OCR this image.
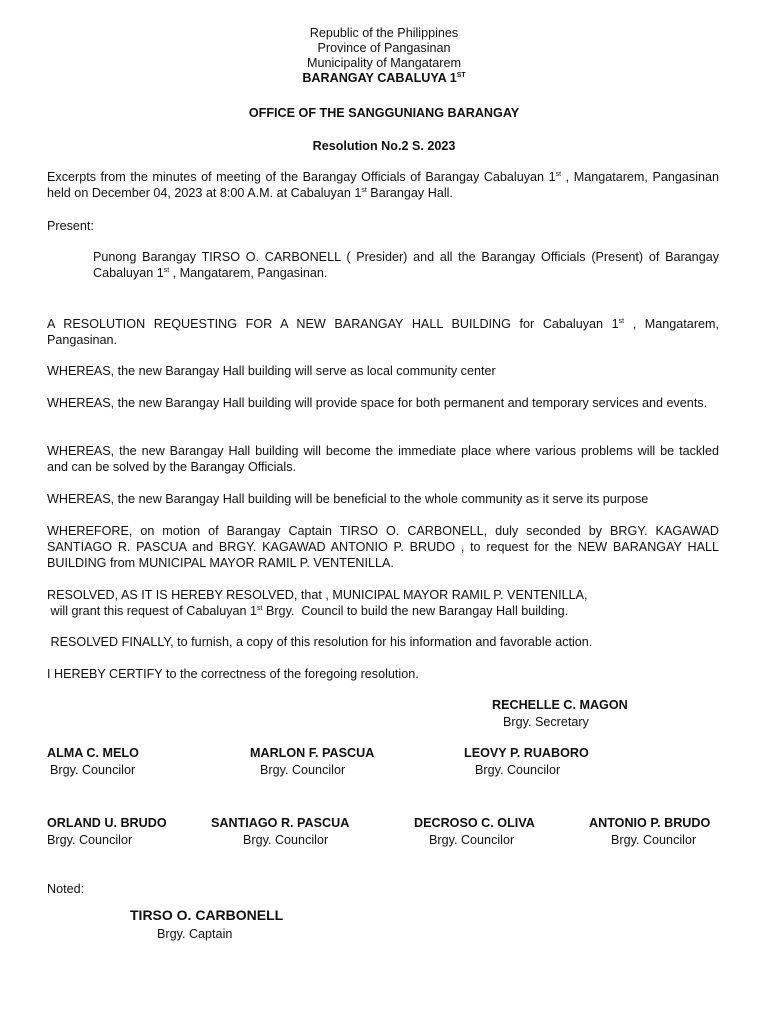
Republic of the Philippines
Province of Pangasinan
Municipality of Mangatarem
BARANGAY CABALUYA 1ST
OFFICE OF THE SANGGUNIANG BARANGAY
Resolution No.2 S. 2023
Excerpts from the minutes of meeting of the Barangay Officials of Barangay Cabaluyan 1st , Mangatarem, Pangasinan held on December 04, 2023 at 8:00 A.M. at Cabaluyan 1st Barangay Hall.
Present:
Punong Barangay TIRSO O. CARBONELL ( Presider) and all the Barangay Officials (Present) of Barangay Cabaluyan 1st , Mangatarem, Pangasinan.
A RESOLUTION REQUESTING FOR A NEW BARANGAY HALL BUILDING for Cabaluyan 1st , Mangatarem, Pangasinan.
WHEREAS, the new Barangay Hall building will serve as local community center
WHEREAS, the new Barangay Hall building will provide space for both permanent and temporary services and events.
WHEREAS, the new Barangay Hall building will become the immediate place where various problems will be tackled and can be solved by the Barangay Officials.
WHEREAS, the new Barangay Hall building will be beneficial to the whole community as it serve its purpose
WHEREFORE, on motion of Barangay Captain TIRSO O. CARBONELL, duly seconded by BRGY. KAGAWAD SANTIAGO R. PASCUA and BRGY. KAGAWAD ANTONIO P. BRUDO , to request for the NEW BARANGAY HALL BUILDING from MUNICIPAL MAYOR RAMIL P. VENTENILLA.
RESOLVED, AS IT IS HEREBY RESOLVED, that , MUNICIPAL MAYOR RAMIL P. VENTENILLA,
will grant this request of Cabaluyan 1st Brgy.  Council to build the new Barangay Hall building.
RESOLVED FINALLY, to furnish, a copy of this resolution for his information and favorable action.
I HEREBY CERTIFY to the correctness of the foregoing resolution.
RECHELLE C. MAGON
Brgy. Secretary
ALMA C. MELO
Brgy. Councilor
MARLON F. PASCUA
Brgy. Councilor
LEOVY P. RUABORO
Brgy. Councilor
ORLAND U. BRUDO
Brgy. Councilor
SANTIAGO R. PASCUA
Brgy. Councilor
DECROSO C. OLIVA
Brgy. Councilor
ANTONIO P. BRUDO
Brgy. Councilor
Noted:
TIRSO O. CARBONELL
Brgy. Captain
